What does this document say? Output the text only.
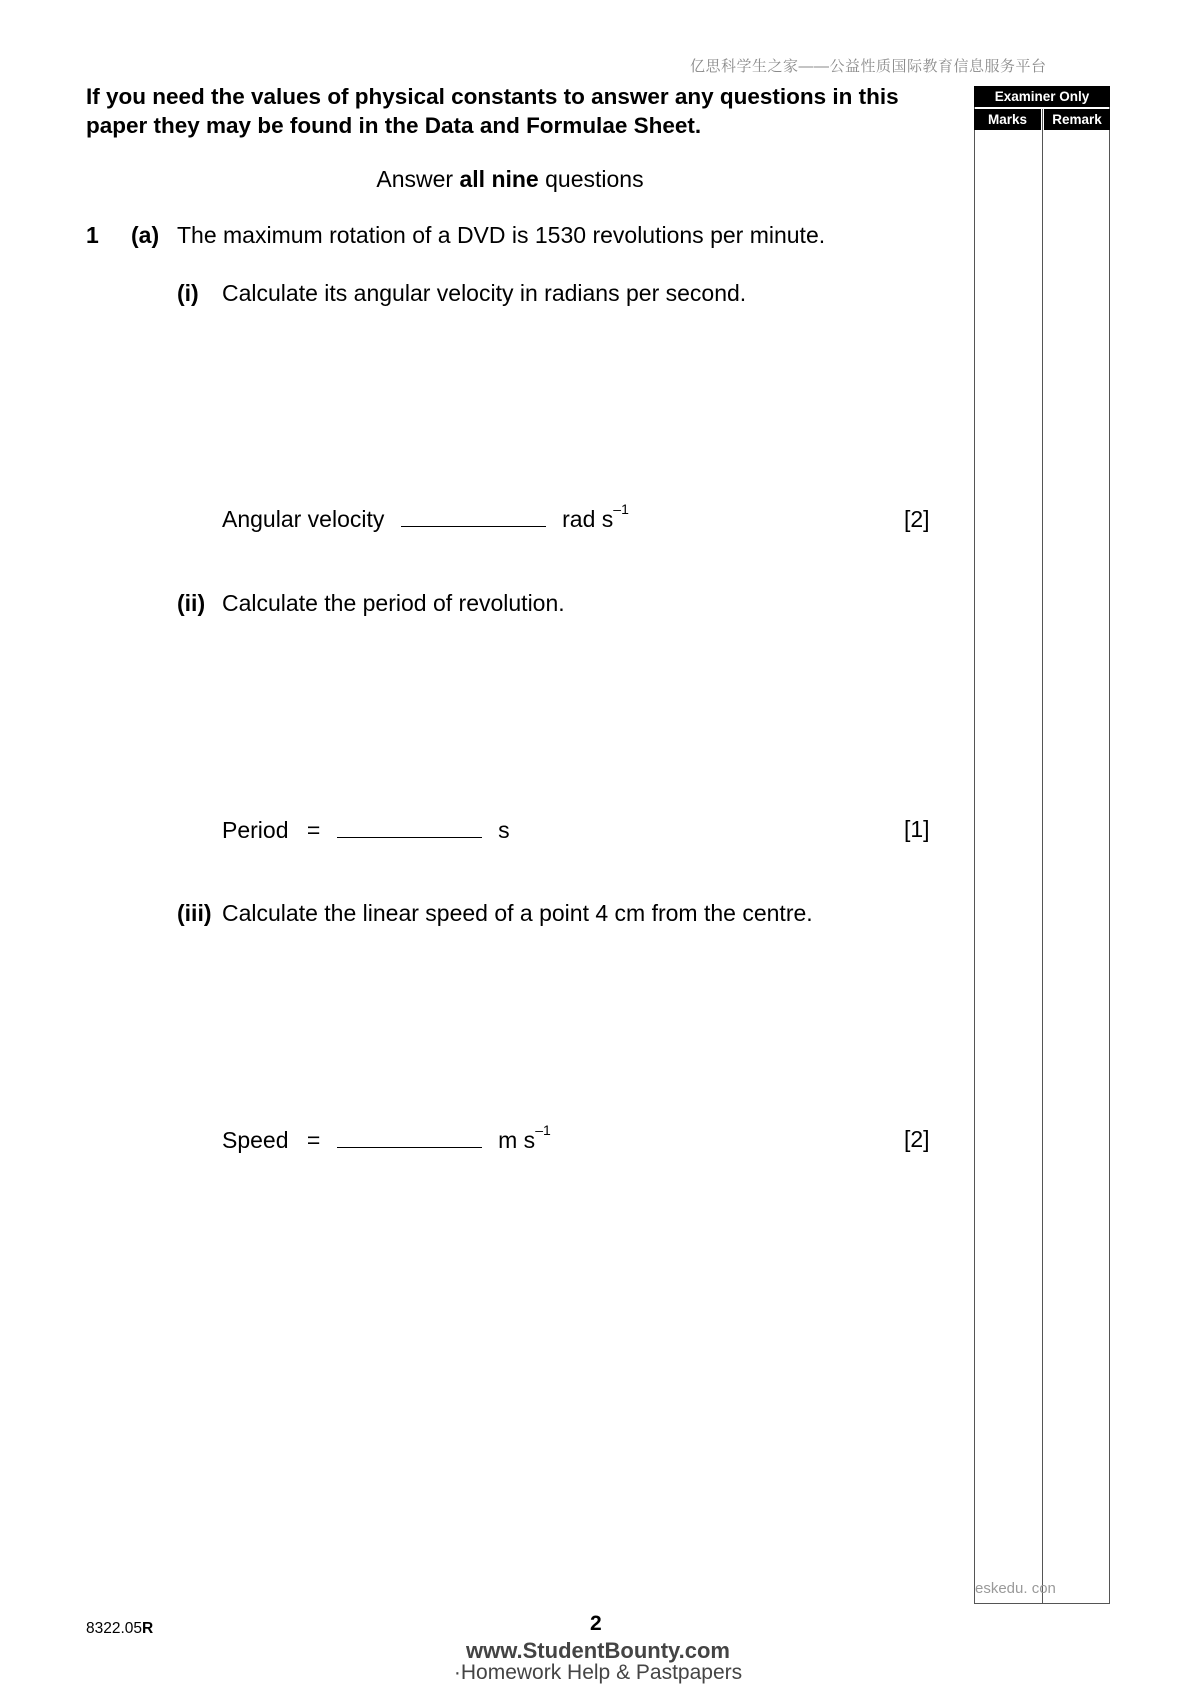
亿思科学生之家——公益性质国际教育信息服务平台
If you need the values of physical constants to answer any questions in this paper they may be found in the Data and Formulae Sheet.
Answer all nine questions
1 (a) The maximum rotation of a DVD is 1530 revolutions per minute.
(i) Calculate its angular velocity in radians per second.
Angular velocity	rad $s^{-1}$	[2]
(ii) Calculate the period of revolution.
Period =	s	[1]
(iii) Calculate the linear speed of a point 4 cm from the centre.
Speed =	m $s^{-1}$	[2]
Examiner Only
Marks	Remark
eskedu. con
8322.05R	2
www.StudentBounty.com
·Homework Help & Pastpapers
